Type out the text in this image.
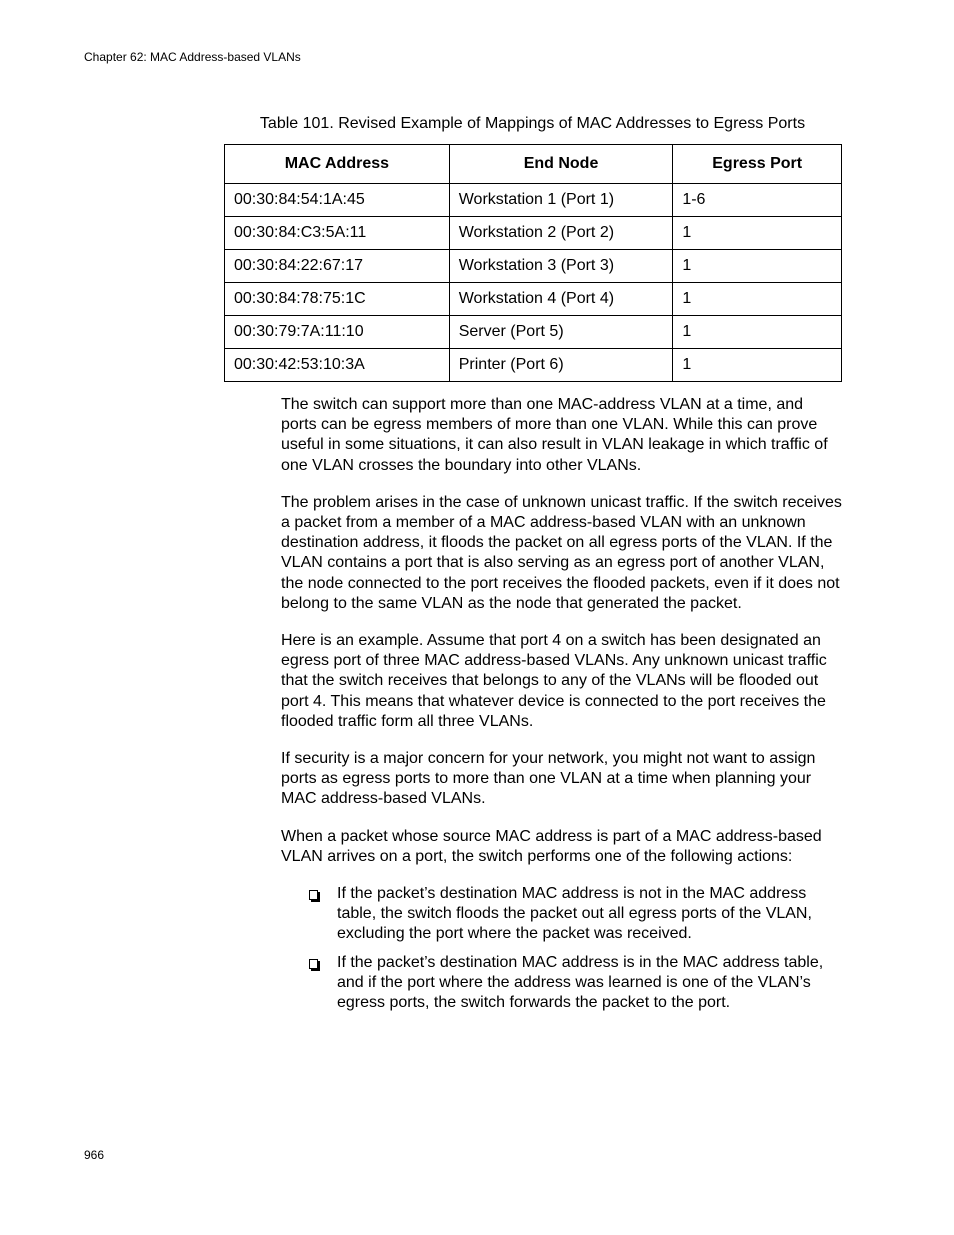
Chapter 62: MAC Address-based VLANs
Table 101. Revised Example of Mappings of MAC Addresses to Egress Ports
MAC Address	End Node	Egress Port
00:30:84:54:1A:45	Workstation 1 (Port 1)	1-6
00:30:84:C3:5A:11	Workstation 2 (Port 2)	1
00:30:84:22:67:17	Workstation 3 (Port 3)	1
00:30:84:78:75:1C	Workstation 4 (Port 4)	1
00:30:79:7A:11:10	Server (Port 5)	1
00:30:42:53:10:3A	Printer (Port 6)	1

The switch can support more than one MAC-address VLAN at a time, and ports can be egress members of more than one VLAN. While this can prove useful in some situations, it can also result in VLAN leakage in which traffic of one VLAN crosses the boundary into other VLANs.

The problem arises in the case of unknown unicast traffic. If the switch receives a packet from a member of a MAC address-based VLAN with an unknown destination address, it floods the packet on all egress ports of the VLAN. If the VLAN contains a port that is also serving as an egress port of another VLAN, the node connected to the port receives the flooded packets, even if it does not belong to the same VLAN as the node that generated the packet.

Here is an example. Assume that port 4 on a switch has been designated an egress port of three MAC address-based VLANs. Any unknown unicast traffic that the switch receives that belongs to any of the VLANs will be flooded out port 4. This means that whatever device is connected to the port receives the flooded traffic form all three VLANs.

If security is a major concern for your network, you might not want to assign ports as egress ports to more than one VLAN at a time when planning your MAC address-based VLANs.

When a packet whose source MAC address is part of a MAC address-based VLAN arrives on a port, the switch performs one of the following actions:

If the packet’s destination MAC address is not in the MAC address table, the switch floods the packet out all egress ports of the VLAN, excluding the port where the packet was received.
If the packet’s destination MAC address is in the MAC address table, and if the port where the address was learned is one of the VLAN’s egress ports, the switch forwards the packet to the port.
966
